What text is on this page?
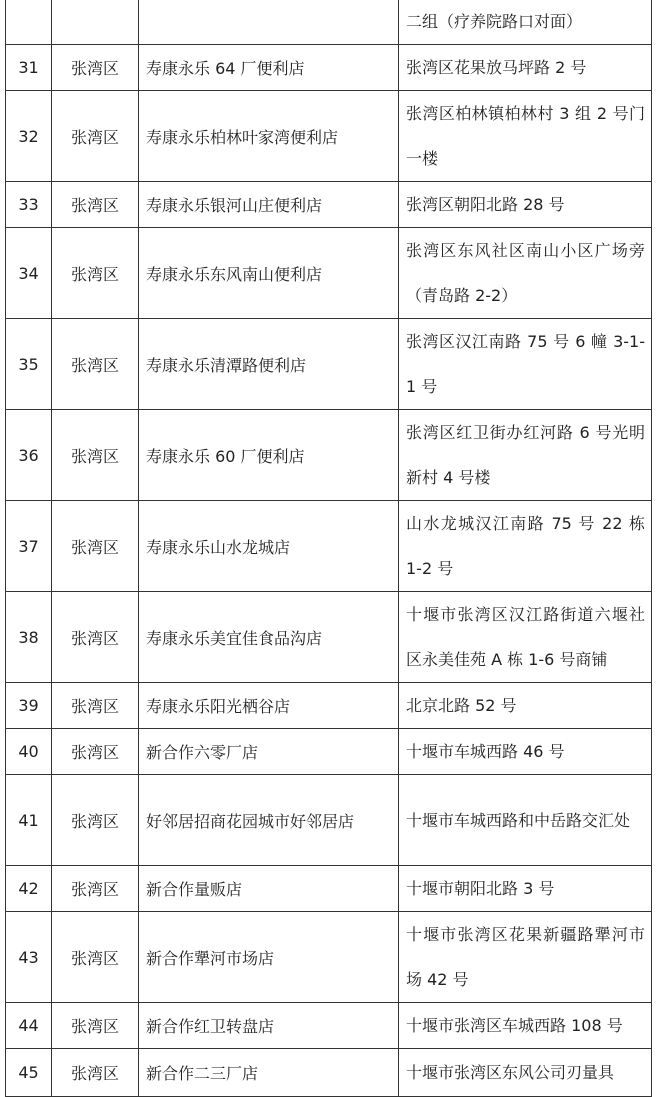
			二组（疗养院路口对面）
31	张湾区	寿康永乐 64 厂便利店	张湾区花果放马坪路 2 号
32	张湾区	寿康永乐柏林叶家湾便利店	张湾区柏林镇柏林村 3 组 2 号门一楼
33	张湾区	寿康永乐银河山庄便利店	张湾区朝阳北路 28 号
34	张湾区	寿康永乐东风南山便利店	张湾区东风社区南山小区广场旁（青岛路 2-2）
35	张湾区	寿康永乐清潭路便利店	张湾区汉江南路 75 号 6 幢 3-1-1 号
36	张湾区	寿康永乐 60 厂便利店	张湾区红卫街办红河路 6 号光明新村 4 号楼
37	张湾区	寿康永乐山水龙城店	山水龙城汉江南路 75 号 22 栋 1-2 号
38	张湾区	寿康永乐美宜佳食品沟店	十堰市张湾区汉江路街道六堰社区永美佳苑 A 栋 1-6 号商铺
39	张湾区	寿康永乐阳光栖谷店	北京北路 52 号
40	张湾区	新合作六零厂店	十堰市车城西路 46 号
41	张湾区	好邻居招商花园城市好邻居店	十堰市车城西路和中岳路交汇处
42	张湾区	新合作量贩店	十堰市朝阳北路 3 号
43	张湾区	新合作犟河市场店	十堰市张湾区花果新疆路犟河市场 42 号
44	张湾区	新合作红卫转盘店	十堰市张湾区车城西路 108 号
45	张湾区	新合作二三厂店	十堰市张湾区东风公司刃量具
